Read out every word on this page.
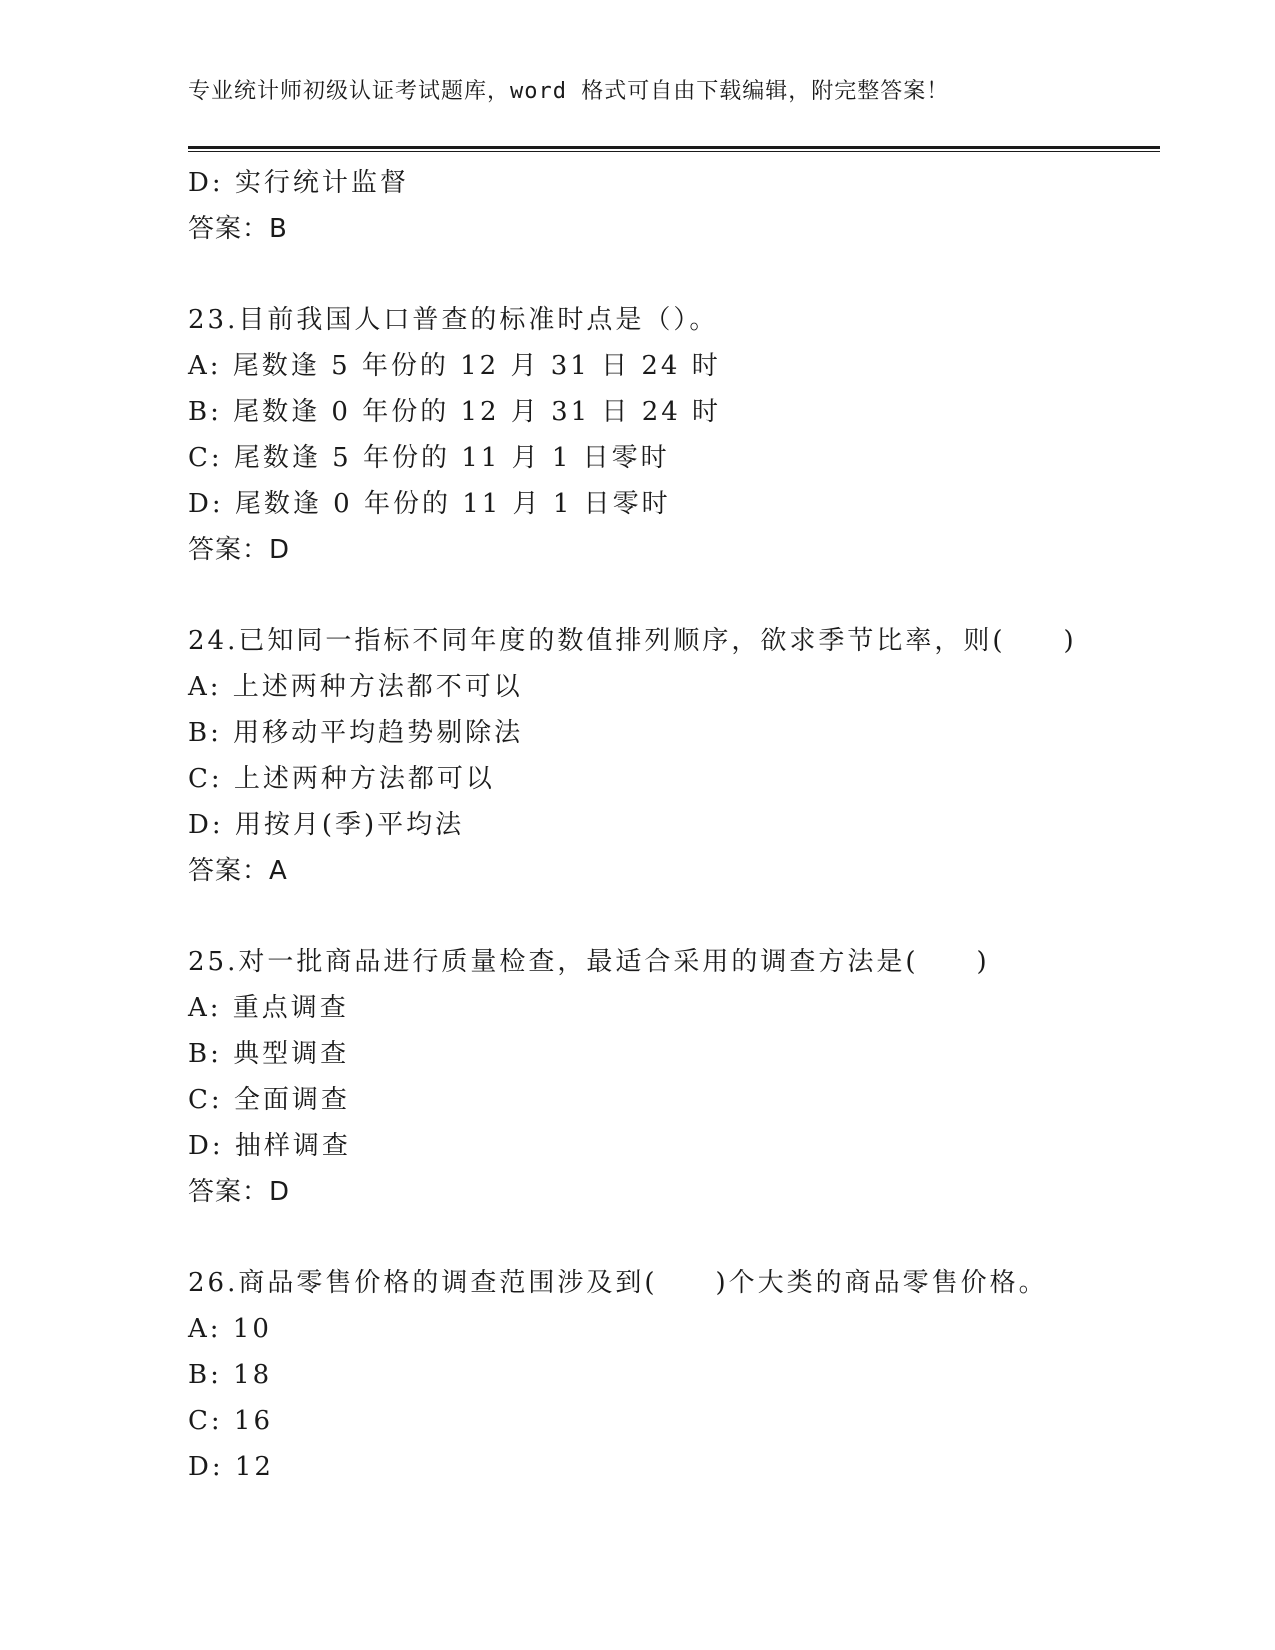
专业统计师初级认证考试题库，word 格式可自由下载编辑，附完整答案！
D: 实行统计监督
答案：B
23.目前我国人口普查的标准时点是（）。
A: 尾数逢 5 年份的 12 月 31 日 24 时
B: 尾数逢 0 年份的 12 月 31 日 24 时
C: 尾数逢 5 年份的 11 月 1 日零时
D: 尾数逢 0 年份的 11 月 1 日零时
答案：D
24.已知同一指标不同年度的数值排列顺序，欲求季节比率，则(　　)
A: 上述两种方法都不可以
B: 用移动平均趋势剔除法
C: 上述两种方法都可以
D: 用按月(季)平均法
答案：A
25.对一批商品进行质量检查，最适合采用的调查方法是(　　)
A: 重点调查
B: 典型调查
C: 全面调查
D: 抽样调查
答案：D
26.商品零售价格的调查范围涉及到(　　)个大类的商品零售价格。
A: 10
B: 18
C: 16
D: 12
